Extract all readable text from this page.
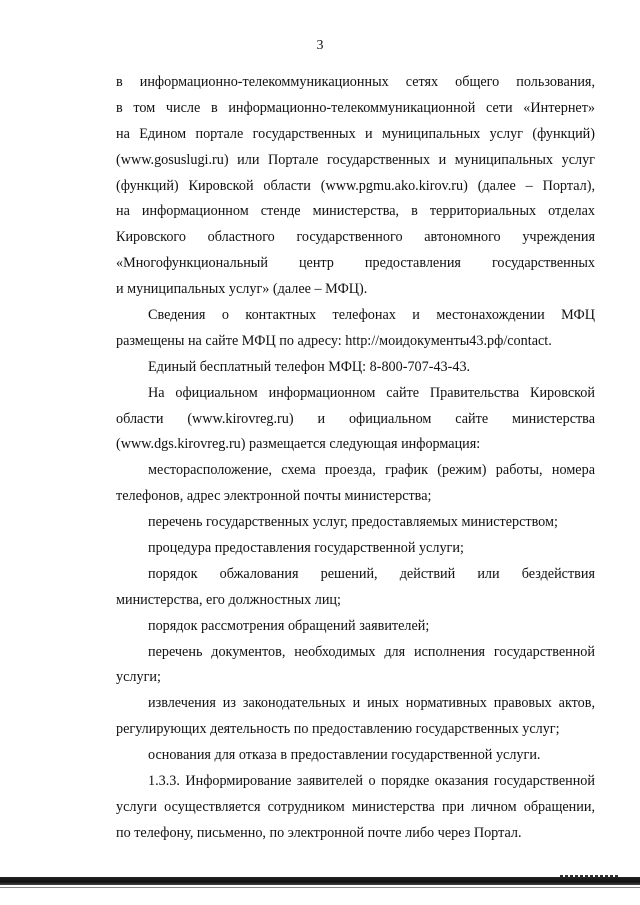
3
в информационно-телекоммуникационных сетях общего пользования,
в том числе в информационно-телекоммуникационной сети «Интернет»
на Едином портале государственных и муниципальных услуг (функций)
(www.gosuslugi.ru) или Портале государственных и муниципальных услуг
(функций) Кировской области (www.pgmu.ako.kirov.ru) (далее – Портал),
на информационном стенде министерства, в территориальных отделах
Кировского областного государственного автономного учреждения
«Многофункциональный центр предоставления государственных
и муниципальных услуг» (далее – МФЦ).
Сведения о контактных телефонах и местонахождении МФЦ
размещены на сайте МФЦ по адресу: http://моидокументы43.рф/contact.
Единый бесплатный телефон МФЦ: 8-800-707-43-43.
На официальном информационном сайте Правительства Кировской
области (www.kirovreg.ru) и официальном сайте министерства
(www.dgs.kirovreg.ru) размещается следующая информация:
месторасположение, схема проезда, график (режим) работы, номера
телефонов, адрес электронной почты министерства;
перечень государственных услуг, предоставляемых министерством;
процедура предоставления государственной услуги;
порядок обжалования решений, действий или бездействия
министерства, его должностных лиц;
порядок рассмотрения обращений заявителей;
перечень документов, необходимых для исполнения государственной
услуги;
извлечения из законодательных и иных нормативных правовых актов,
регулирующих деятельность по предоставлению государственных услуг;
основания для отказа в предоставлении государственной услуги.
1.3.3. Информирование заявителей о порядке оказания государственной
услуги осуществляется сотрудником министерства при личном обращении,
по телефону, письменно, по электронной почте либо через Портал.
